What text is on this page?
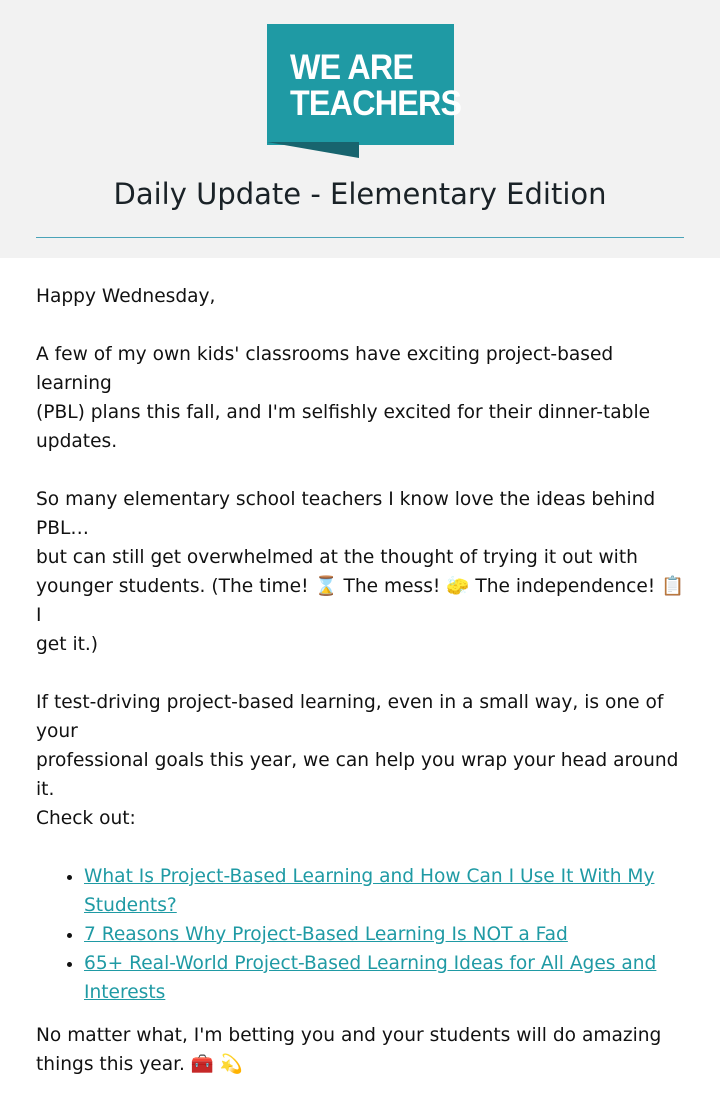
WE ARE
TEACHERS
Daily Update - Elementary Edition

Happy Wednesday,

A few of my own kids' classrooms have exciting project-based learning
(PBL) plans this fall, and I'm selfishly excited for their dinner-table
updates.

So many elementary school teachers I know love the ideas behind PBL…
but can still get overwhelmed at the thought of trying it out with
younger students. (The time! ⌛ The mess! 🧽 The independence! 📋 I
get it.)

If test-driving project-based learning, even in a small way, is one of your
professional goals this year, we can help you wrap your head around it.
Check out:

• What Is Project-Based Learning and How Can I Use It With My
Students?
• 7 Reasons Why Project-Based Learning Is NOT a Fad
• 65+ Real-World Project-Based Learning Ideas for All Ages and
Interests

No matter what, I'm betting you and your students will do amazing
things this year. 🧰 💫
